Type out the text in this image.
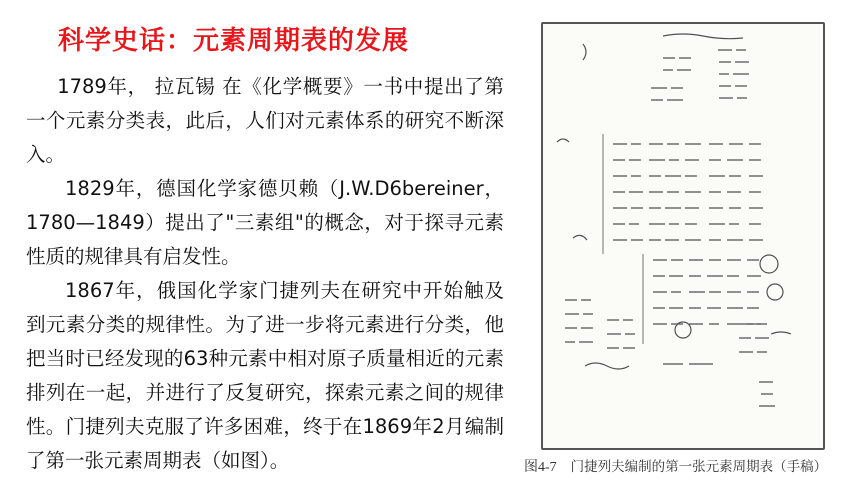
科学史话：元素周期表的发展

1789年， 拉瓦锡 在《化学概要》一书中提出了第一个元素分类表，此后，人们对元素体系的研究不断深入。

1829年，德国化学家德贝赖（J.W.D6bereiner，1780—1849）提出了"三素组"的概念，对于探寻元素性质的规律具有启发性。

1867年，俄国化学家门捷列夫在研究中开始触及到元素分类的规律性。为了进一步将元素进行分类，他把当时已经发现的63种元素中相对原子质量相近的元素排列在一起，并进行了反复研究，探索元素之间的规律性。门捷列夫克服了许多困难，终于在1869年2月编制了第一张元素周期表（如图）。	图4-7 门捷列夫编制的第一张元素周期表（手稿）
